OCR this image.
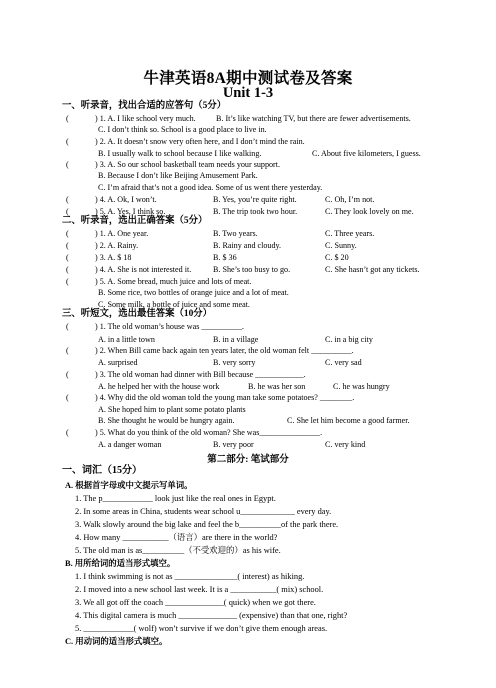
牛津英语8A期中测试卷及答案
Unit 1-3
一、听录音，找出合适的应答句（5分）
(	) 1. A. I like school very much.	B. It’s like watching TV, but there are fewer advertisements.
C. I don’t think so. School is a good place to live in.
(	) 2. A. It doesn’t snow very often here, and I don’t mind the rain.
B. I usually walk to school because I like walking.	C. About five kilometers, I guess.
(	) 3. A. So our school basketball team needs your support.
B. Because I don’t like Beijing Amusement Park.
C. I’m afraid that’s not a good idea. Some of us went there yesterday.
(	) 4. A. Ok, I won’t.	B. Yes, you’re quite right.	C. Oh, I’m not.
(	) 5. A. Yes, I think so.	B. The trip took two hour.	C. They look lovely on me.
二、听录音，选出正确答案（5分）
(	) 1. A. One year.	B. Two years.	C. Three years.
(	) 2. A. Rainy.	B. Rainy and cloudy.	C. Sunny.
(	) 3. A. $ 18	B. $ 36	C. $ 20
(	) 4. A. She is not interested it.	B. She’s too busy to go.	C. She hasn’t got any tickets.
(	) 5. A. Some bread, much juice and lots of meat.
B. Some rice, two bottles of orange juice and a lot of meat.
C. Some milk, a bottle of juice and some meat.
三、听短文，选出最佳答案（10分）
(	) 1. The old woman’s house was __________.
A. in a little town	B. in a village	C. in a big city
(	) 2. When Bill came back again ten years later, the old woman felt __________.
A. surprised	B. very sorry	C. very sad
(	) 3. The old woman had dinner with Bill because ____________.
A. he helped her with the house work	B. he was her son	C. he was hungry
(	) 4. Why did the old woman told the young man take some potatoes? ________.
A. She hoped him to plant some potato plants
B. She thought he would be hungry again.	C. She let him become a good farmer.
(	) 5. What do you think of the old woman? She was_______________.
A. a danger woman	B. very poor	C. very kind
第二部分: 笔试部分
一、词汇（15分）
A. 根据首字母或中文提示写单词。
1. The p____________ look just like the real ones in Egypt.
2. In some areas in China, students wear school u_____________ every day.
3. Walk slowly around the big lake and feel the b__________of the park there.
4. How many ___________（语言）are there in the world?
5. The old man is as__________（不受欢迎的）as his wife.
B. 用所给词的适当形式填空。
1. I think swimming is not as _______________( interest) as hiking.
2. I moved into a new school last week. It is a ___________( mix) school.
3. We all got off the coach ______________( quick) when we got there.
4. This digital camera is much ______________ (expensive) than that one, right?
5. ____________( wolf) won’t survive if we don’t give them enough areas.
C. 用动词的适当形式填空。
